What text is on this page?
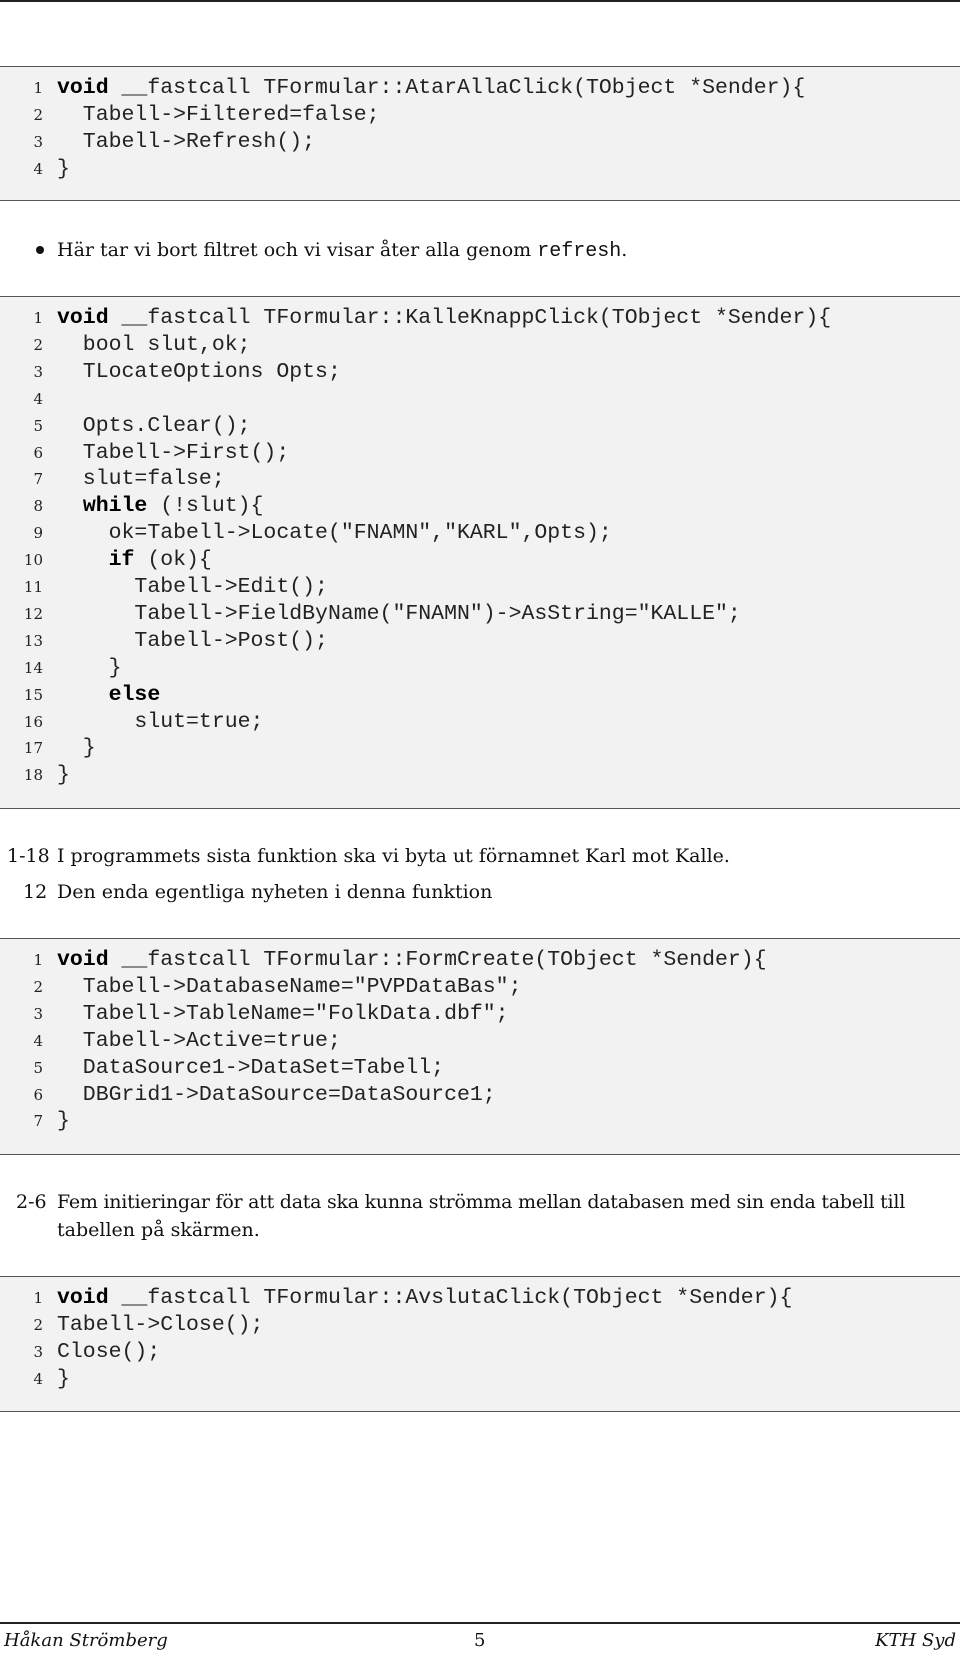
1 void __fastcall TFormular::AtarAllaClick(TObject *Sender){
2 Tabell->Filtered=false;
3 Tabell->Refresh();
4 }
Här tar vi bort filtret och vi visar åter alla genom refresh.
1 void __fastcall TFormular::KalleKnappClick(TObject *Sender){
2 bool slut,ok;
3 TLocateOptions Opts;
4
5 Opts.Clear();
6 Tabell->First();
7 slut=false;
8	while (!slut){
9 ok=Tabell->Locate("FNAMN","KARL",Opts);
10	if (ok){
11 Tabell->Edit();
12 Tabell->FieldByName("FNAMN")->AsString="KALLE";
13 Tabell->Post();
14 }
15	else
16 slut=true;
17 }
18 }
1-18 I programmets sista funktion ska vi byta ut förnamnet Karl mot Kalle.
12 Den enda egentliga nyheten i denna funktion
1 void __fastcall TFormular::FormCreate(TObject *Sender){
2 Tabell->DatabaseName="PVPDataBas";
3 Tabell->TableName="FolkData.dbf";
4 Tabell->Active=true;
5 DataSource1->DataSet=Tabell;
6 DBGrid1->DataSource=DataSource1;
7 }
2-6 Fem initieringar för att data ska kunna strömma mellan databasen med sin enda tabell till
tabellen på skärmen.
1 void __fastcall TFormular::AvslutaClick(TObject *Sender){
2 Tabell->Close();
3 Close();
4 }
Håkan Strömberg	5	KTH Syd
